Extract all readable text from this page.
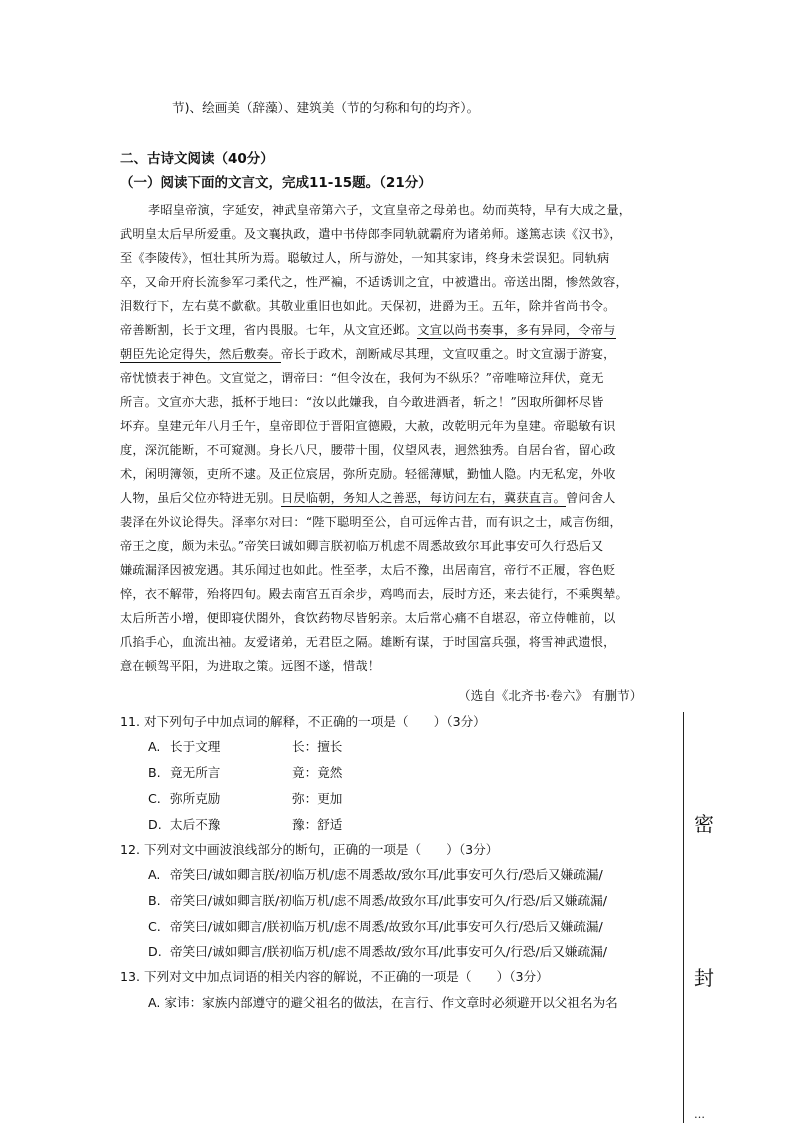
节)、绘画美（辞藻）、建筑美（节的匀称和句的均齐）。
二、古诗文阅读（40分）
（一）阅读下面的文言文，完成11-15题。（21分）
孝昭皇帝演，字延安，神武皇帝第六子，文宣皇帝之母弟也。幼而英特，早有大成之量，
武明皇太后早所爱重。及文襄执政，遣中书侍郎李同轨就霸府为诸弟师。遂篤志读《汉书》，
至《李陵传》，恒壮其所为焉。聪敏过人，所与游处，一知其家讳，终身未尝误犯。同轨病
卒，又命开府长流参军刁柔代之，性严褊，不适诱训之宜，中被遣出。帝送出閤，惨然敛容，
泪数行下，左右莫不歔欷。其敬业重旧也如此。天保初，进爵为王。五年，除并省尚书令。
帝善断割，长于文理，省内畏服。七年，从文宣还邺。文宣以尚书奏事，多有异同，令帝与
朝臣先论定得失，然后敷奏。帝长于政术，剖断咸尽其理，文宣叹重之。时文宣溺于游宴，
帝忧愤表于神色。文宣觉之，谓帝曰：“但令汝在，我何为不纵乐？”帝唯啼泣拜伏，竟无
所言。文宣亦大悲，抵杯于地曰：“汝以此嫌我，自今敢进酒者，斩之！”因取所御杯尽皆
坏弃。皇建元年八月壬午，皇帝即位于晋阳宣德殿，大赦，改乾明元年为皇建。帝聪敏有识
度，深沉能断，不可窥测。身长八尺，腰带十围，仪望风表，迥然独秀。自居台省，留心政
术，闲明簿领，吏所不逮。及正位宸居，弥所克励。轻徭薄赋，勤恤人隐。内无私宠，外收
人物，虽后父位亦特进无别。日昃临朝，务知人之善恶，每访问左右，冀获直言。曾问舍人
裴泽在外议论得失。泽率尔对曰：“陛下聪明至公，自可远侔古昔，而有识之士，咸言伤细，
帝王之度，颇为未弘。”帝笑曰诚如卿言朕初临万机虑不周悉故致尔耳此事安可久行恐后又
嫌疏漏泽因被宠遇。其乐闻过也如此。性至孝，太后不豫，出居南宫，帝行不正履，容色贬
悴，衣不解带，殆将四旬。殿去南宫五百余步，鸡鸣而去，辰时方还，来去徒行，不乘舆辇。
太后所苦小增，便即寝伏閤外，食饮药物尽皆躬亲。太后常心痛不自堪忍，帝立侍帷前，以
爪掐手心，血流出袖。友爱诸弟，无君臣之隔。雄断有谋，于时国富兵强，将雪神武遗恨，
意在顿驾平阳，为进取之策。远图不遂，惜哉！
（选自《北齐书·卷六》 有删节）
11. 对下列句子中加点词的解释，不正确的一项是（　　）（3分）
A. 长于文理	长：擅长
B. 竟无所言	竟：竟然
C. 弥所克励	弥：更加
D. 太后不豫	豫：舒适
12. 下列对文中画波浪线部分的断句，正确的一项是（　　）（3分）
A. 帝笑曰/诚如卿言朕/初临万机/虑不周悉故/致尔耳/此事安可久行/恐后又嫌疏漏/
B. 帝笑曰/诚如卿言朕/初临万机/虑不周悉/故致尔耳/此事安可久/行恐/后又嫌疏漏/
C. 帝笑曰/诚如卿言/朕初临万机/虑不周悉/故致尔耳/此事安可久行/恐后又嫌疏漏/
D. 帝笑曰/诚如卿言/朕初临万机/虑不周悉故/致尔耳/此事安可久/行恐/后又嫌疏漏/
13. 下列对文中加点词语的相关内容的解说，不正确的一项是（　　）（3分）
A. 家讳：家族内部遵守的避父祖名的做法，在言行、作文章时必须避开以父祖名为名
密
封
…
